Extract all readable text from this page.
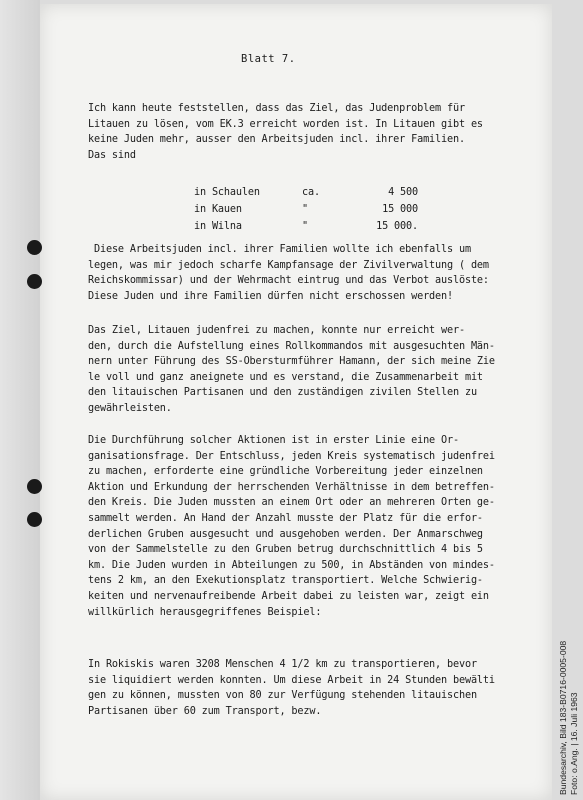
Blatt 7.
Ich kann heute feststellen, dass das Ziel, das Judenproblem für
Litauen zu lösen, vom EK.3 erreicht worden ist. In Litauen gibt es
keine Juden mehr, ausser den Arbeitsjuden incl. ihrer Familien.
Das sind
in Schaulen	ca.	4 500
in Kauen	"	15 000
in Wilna	"	15 000.
Diese Arbeitsjuden incl. ihrer Familien wollte ich ebenfalls um
legen, was mir jedoch scharfe Kampfansage der Zivilverwaltung ( dem
Reichskommissar) und der Wehrmacht eintrug und das Verbot auslöste:
Diese Juden und ihre Familien dürfen nicht erschossen werden!
Das Ziel, Litauen judenfrei zu machen, konnte nur erreicht wer-
den, durch die Aufstellung eines Rollkommandos mit ausgesuchten Män-
nern unter Führung des SS-Obersturmführer Hamann, der sich meine Zie
le voll und ganz aneignete und es verstand, die Zusammenarbeit mit
den litauischen Partisanen und den zuständigen zivilen Stellen zu
gewährleisten.
Die Durchführung solcher Aktionen ist in erster Linie eine Or-
ganisationsfrage. Der Entschluss, jeden Kreis systematisch judenfrei
zu machen, erforderte eine gründliche Vorbereitung jeder einzelnen
Aktion und Erkundung der herrschenden Verhältnisse in dem betreffen-
den Kreis. Die Juden mussten an einem Ort oder an mehreren Orten ge-
sammelt werden. An Hand der Anzahl musste der Platz für die erfor-
derlichen Gruben ausgesucht und ausgehoben werden. Der Anmarschweg
von der Sammelstelle zu den Gruben betrug durchschnittlich 4 bis 5
km. Die Juden wurden in Abteilungen zu 500, in Abständen von mindes-
tens 2 km, an den Exekutionsplatz transportiert. Welche Schwierig-
keiten und nervenaufreibende Arbeit dabei zu leisten war, zeigt ein
willkürlich herausgegriffenes Beispiel:
In Rokiskis waren 3208 Menschen 4 1/2 km zu transportieren, bevor
sie liquidiert werden konnten. Um diese Arbeit in 24 Stunden bewälti
gen zu können, mussten von 80 zur Verfügung stehenden litauischen
Partisanen über 60 zum Transport, bezw.	Bundesarchiv, Bild 183-B0716-0005-008 Foto: o.Ang. | 16. Juli 1963
